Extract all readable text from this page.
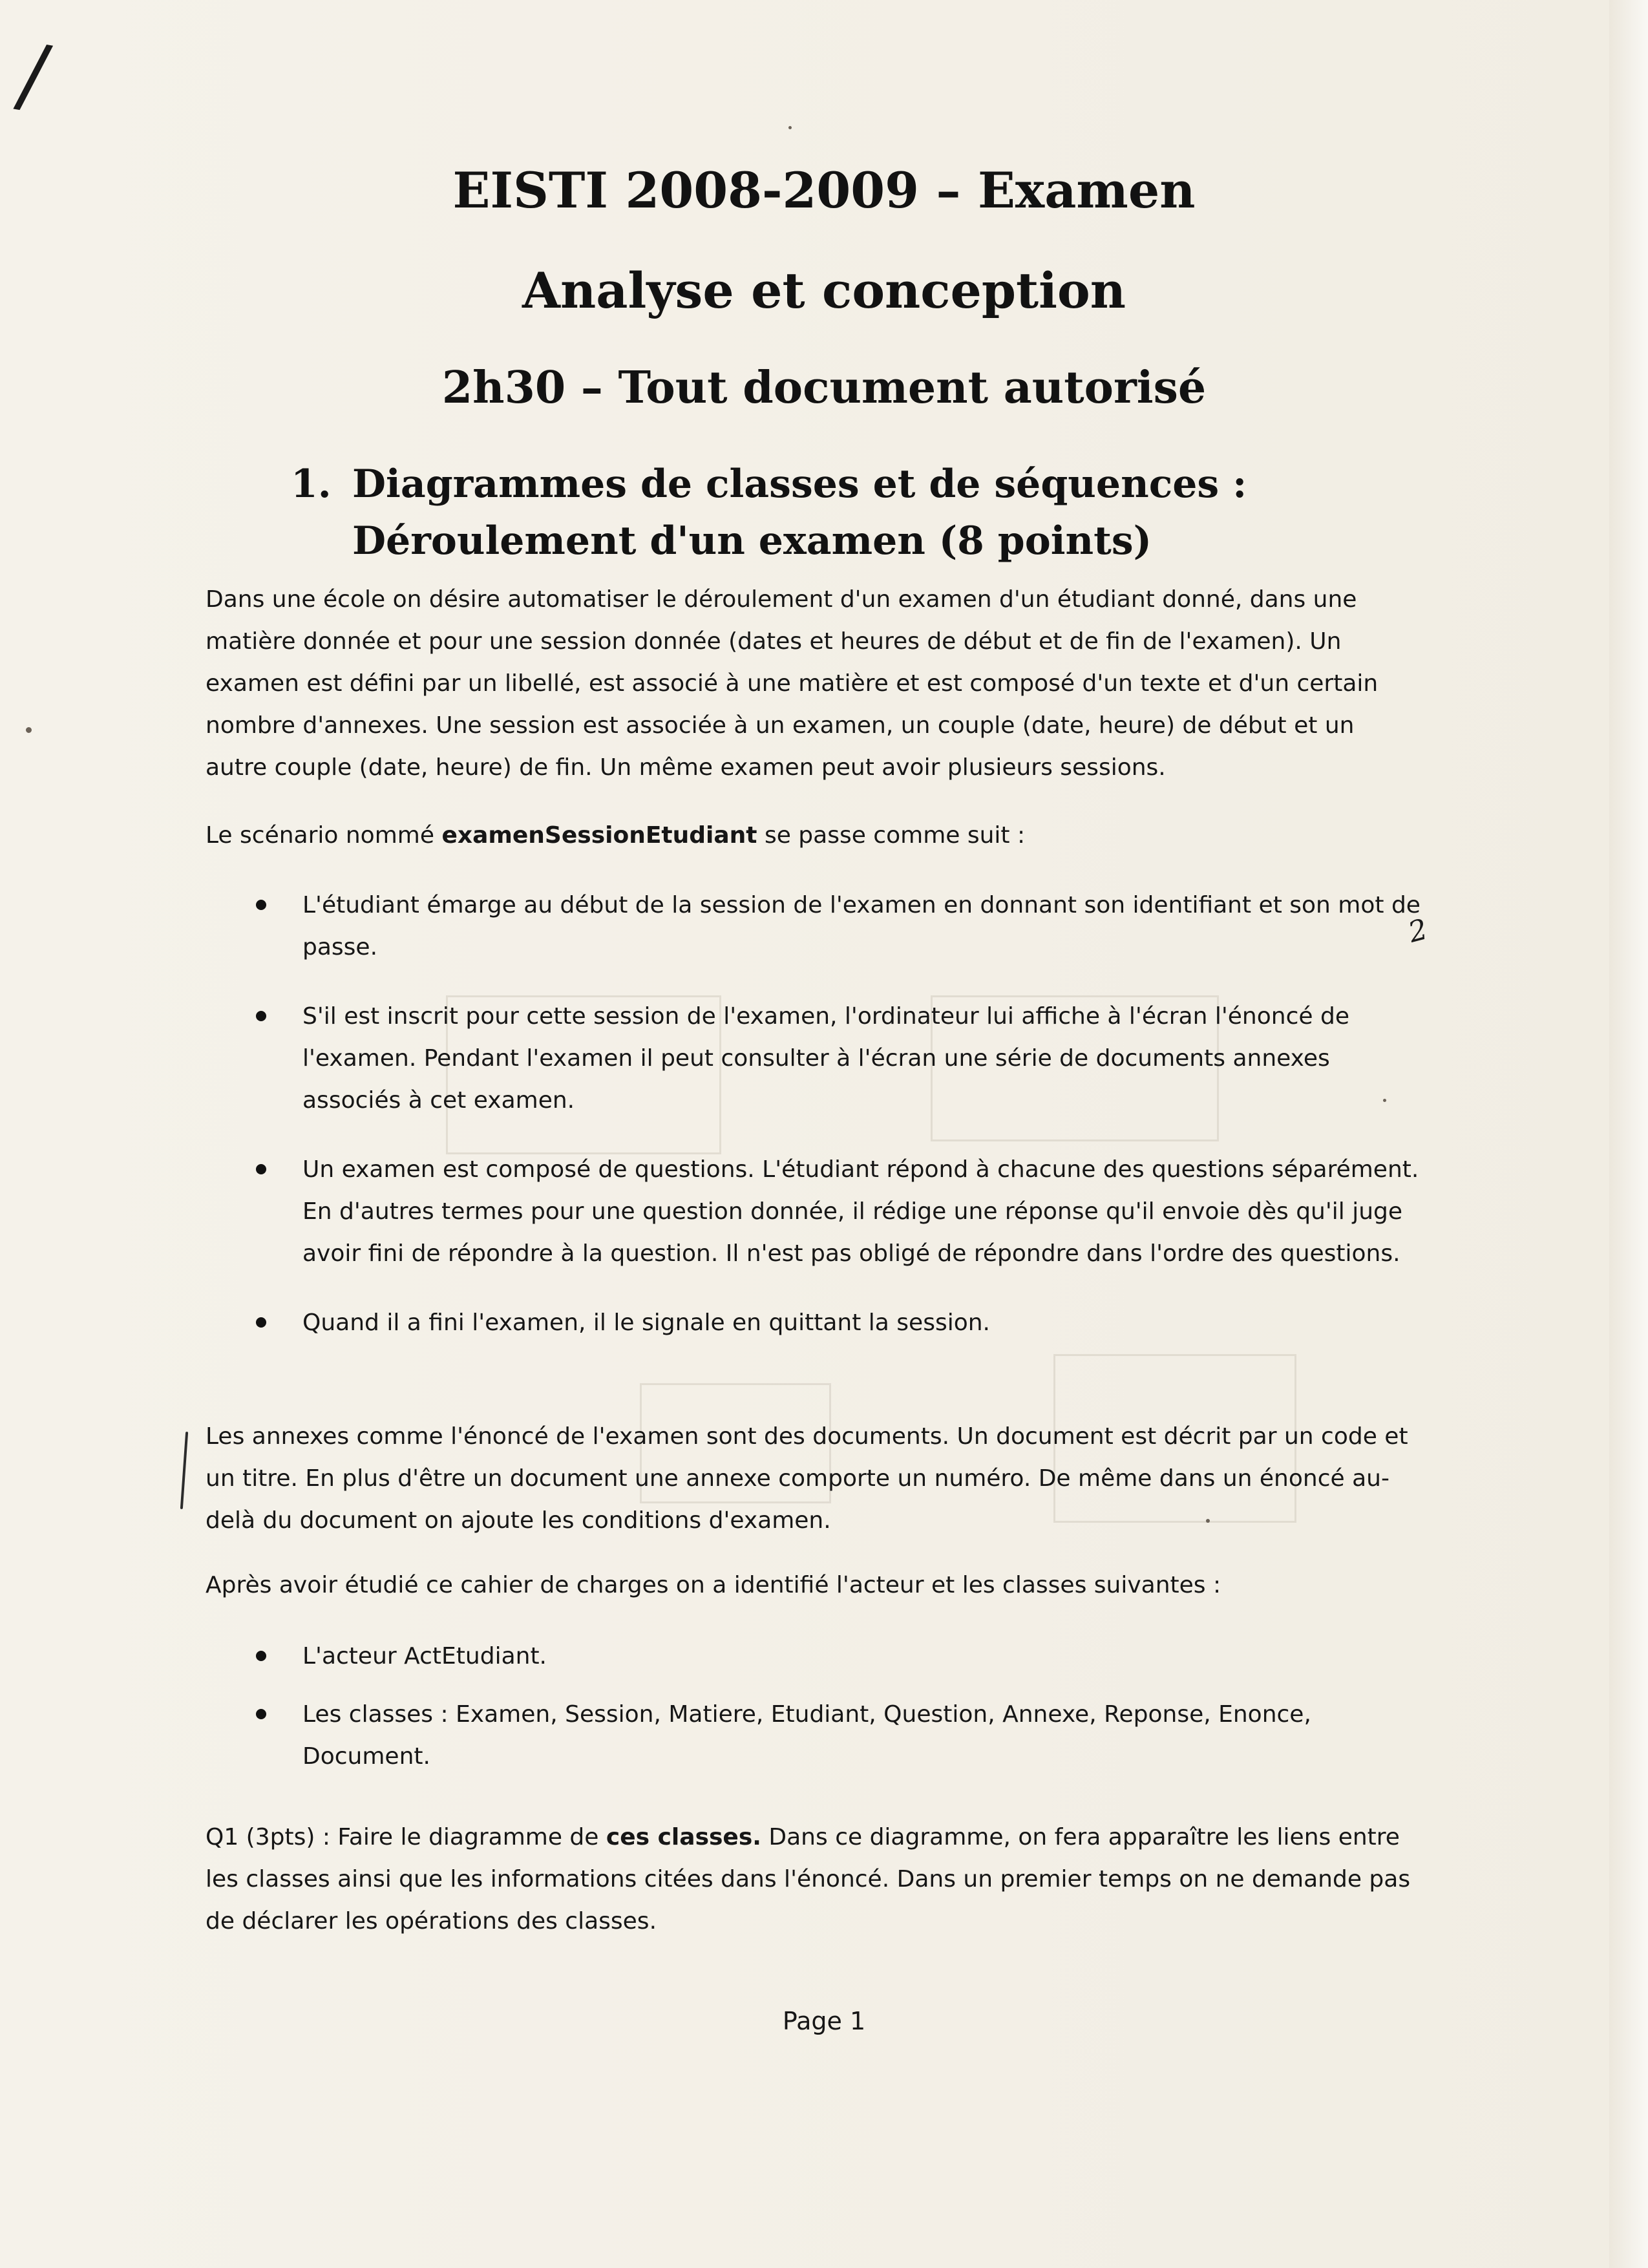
/
2
EISTI 2008-2009 – Examen
Analyse et conception
2h30 – Tout document autorisé
1. Diagrammes de classes et de séquences : Déroulement d'un examen (8 points)

Dans une école on désire automatiser le déroulement d'un examen d'un étudiant donné, dans une matière donnée et pour une session donnée (dates et heures de début et de fin de l'examen). Un examen est défini par un libellé, est associé à une matière et est composé d'un texte et d'un certain nombre d'annexes. Une session est associée à un examen, un couple (date, heure) de début et un autre couple (date, heure) de fin. Un même examen peut avoir plusieurs sessions.

Le scénario nommé examenSessionEtudiant se passe comme suit :

L'étudiant émarge au début de la session de l'examen en donnant son identifiant et son mot de passe.
S'il est inscrit pour cette session de l'examen, l'ordinateur lui affiche à l'écran l'énoncé de l'examen. Pendant l'examen il peut consulter à l'écran une série de documents annexes associés à cet examen.
Un examen est composé de questions. L'étudiant répond à chacune des questions séparément. En d'autres termes pour une question donnée, il rédige une réponse qu'il envoie dès qu'il juge avoir fini de répondre à la question. Il n'est pas obligé de répondre dans l'ordre des questions.
Quand il a fini l'examen, il le signale en quittant la session.

Les annexes comme l'énoncé de l'examen sont des documents. Un document est décrit par un code et un titre. En plus d'être un document une annexe comporte un numéro. De même dans un énoncé au-delà du document on ajoute les conditions d'examen.

Après avoir étudié ce cahier de charges on a identifié l'acteur et les classes suivantes :

L'acteur ActEtudiant.
Les classes : Examen, Session, Matiere, Etudiant, Question, Annexe, Reponse, Enonce, Document.

Q1 (3pts) : Faire le diagramme de ces classes. Dans ce diagramme, on fera apparaître les liens entre les classes ainsi que les informations citées dans l'énoncé. Dans un premier temps on ne demande pas de déclarer les opérations des classes.

Page 1
